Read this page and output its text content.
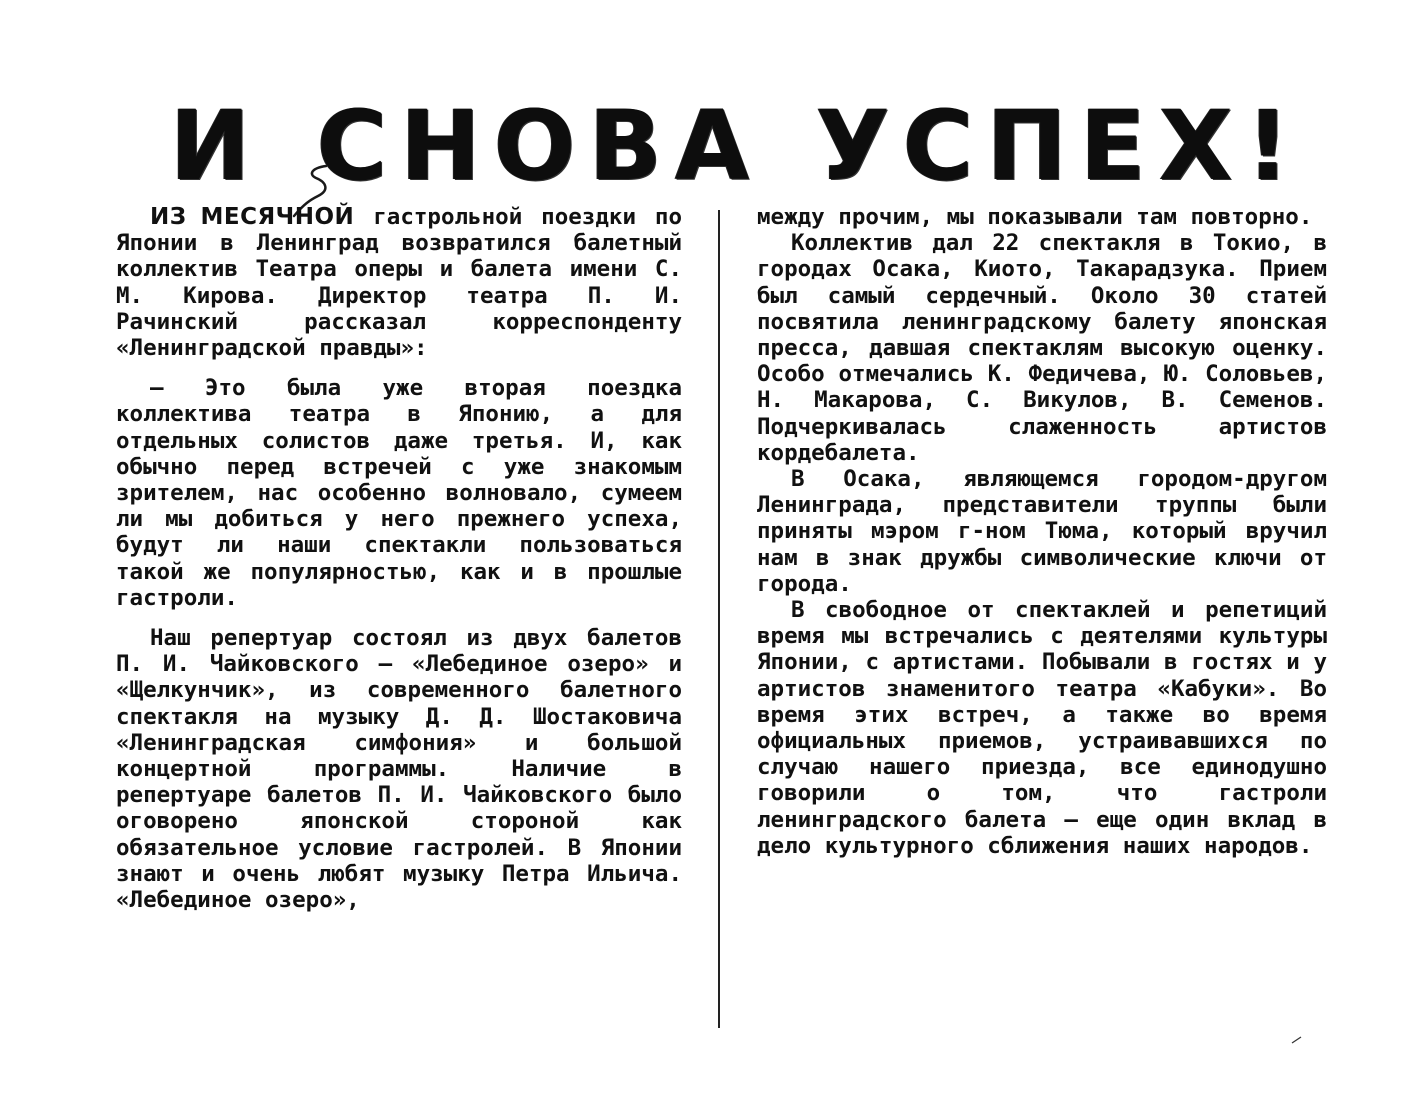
И С Н О В А У С П Е Х !

ИЗ МЕСЯЧНОЙ гастрольной поездки по Японии в Ленинград возвратился балетный коллектив Театра оперы и балета имени С. М. Кирова. Директор театра П. И. Рачинский рассказал корреспонденту «Ленинградской правды»:

— Это была уже вторая поездка коллектива театра в Японию, а для отдельных солистов даже третья. И, как обычно перед встречей с уже знакомым зрителем, нас особенно волновало, сумеем ли мы добиться у него прежнего успеха, будут ли наши спектакли пользоваться такой же популярностью, как и в прошлые гастроли.

Наш репертуар состоял из двух балетов П. И. Чайковского — «Лебединое озеро» и «Щелкунчик», из современного балетного спектакля на музыку Д. Д. Шостаковича «Ленинградская симфония» и большой концертной программы. Наличие в репертуаре балетов П. И. Чайковского было оговорено японской стороной как обязательное условие гастролей. В Японии знают и очень любят музыку Петра Ильича. «Лебединое озеро»,

между прочим, мы показывали там повторно.

Коллектив дал 22 спектакля в Токио, в городах Осака, Киото, Такарадзука. Прием был самый сердечный. Около 30 статей посвятила ленинградскому балету японская пресса, давшая спектаклям высокую оценку. Особо отмечались К. Федичева, Ю. Соловьев, Н. Макарова, С. Викулов, В. Семенов. Подчеркивалась слаженность артистов кордебалета.

В Осака, являющемся городом-другом Ленинграда, представители труппы были приняты мэром г-ном Тюма, который вручил нам в знак дружбы символические ключи от города.

В свободное от спектаклей и репетиций время мы встречались с деятелями культуры Японии, с артистами. Побывали в гостях и у артистов знаменитого театра «Кабуки». Во время этих встреч, а также во время официальных приемов, устраивавшихся по случаю нашего приезда, все единодушно говорили о том, что гастроли ленинградского балета — еще один вклад в дело культурного сближения наших народов.
